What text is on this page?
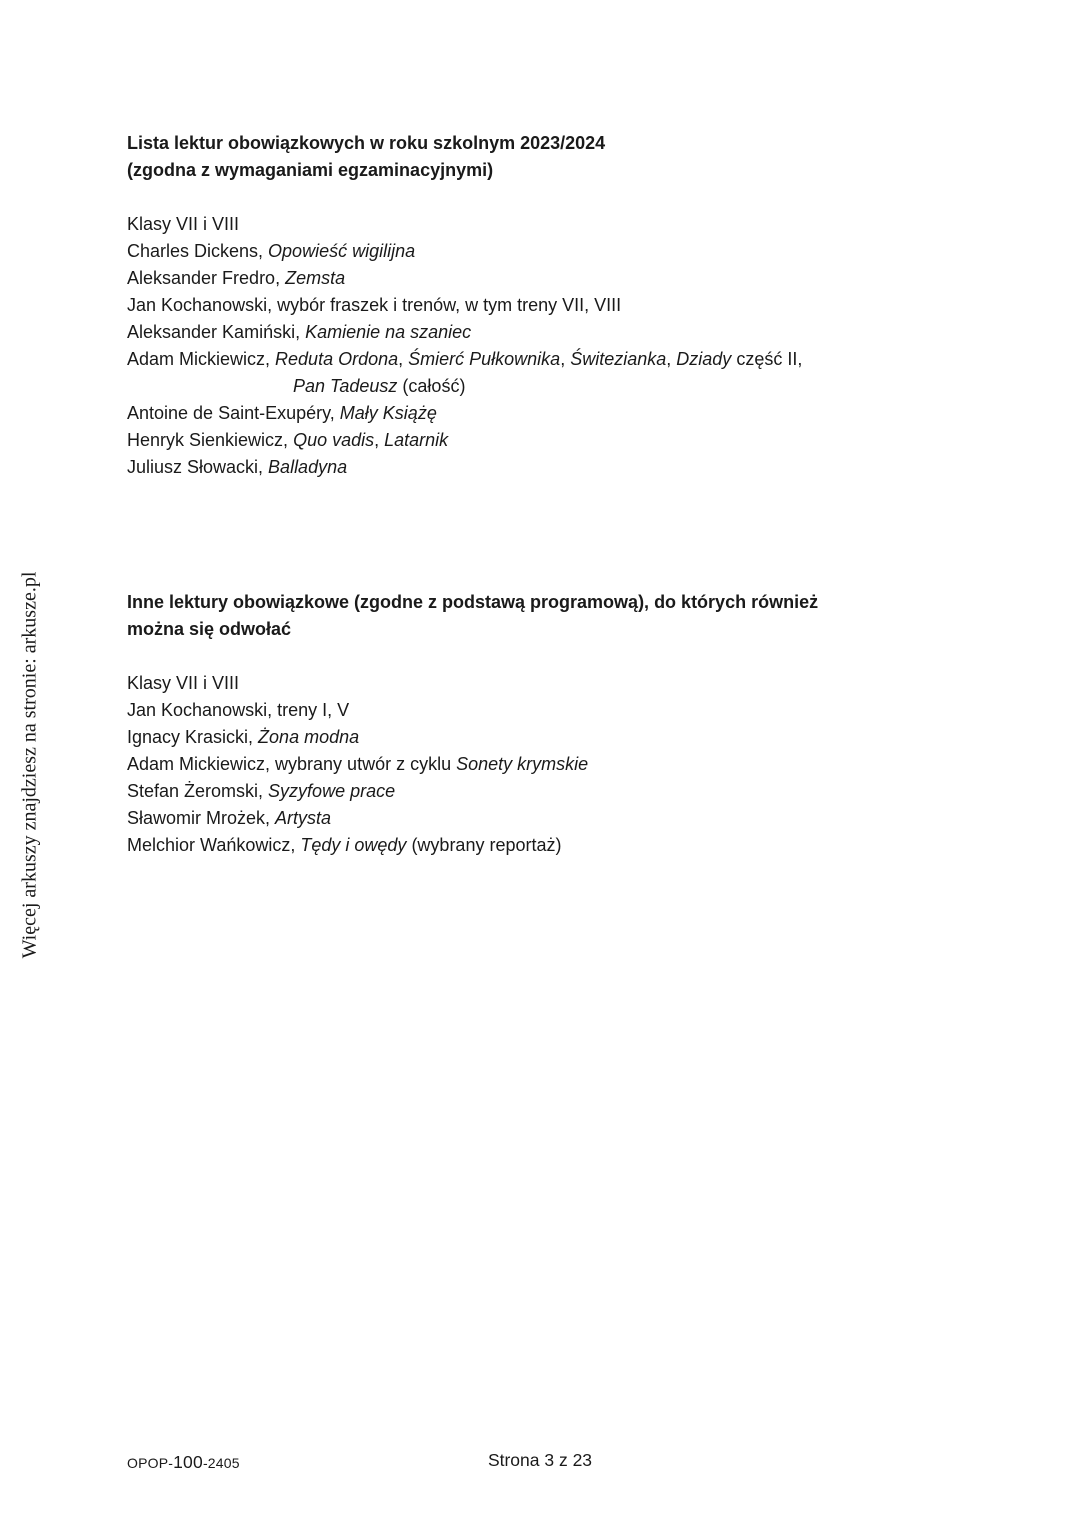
Więcej arkuszy znajdziesz na stronie: arkusze.pl
Lista lektur obowiązkowych w roku szkolnym 2023/2024
(zgodna z wymaganiami egzaminacyjnymi)
Klasy VII i VIII
Charles Dickens, Opowieść wigilijna
Aleksander Fredro, Zemsta
Jan Kochanowski, wybór fraszek i trenów, w tym treny VII, VIII
Aleksander Kamiński, Kamienie na szaniec
Adam Mickiewicz, Reduta Ordona, Śmierć Pułkownika, Świtezianka, Dziady część II,
Pan Tadeusz (całość)
Antoine de Saint-Exupéry, Mały Książę
Henryk Sienkiewicz, Quo vadis, Latarnik
Juliusz Słowacki, Balladyna
Inne lektury obowiązkowe (zgodne z podstawą programową), do których również
można się odwołać
Klasy VII i VIII
Jan Kochanowski, treny I, V
Ignacy Krasicki, Żona modna
Adam Mickiewicz, wybrany utwór z cyklu Sonety krymskie
Stefan Żeromski, Syzyfowe prace
Sławomir Mrożek, Artysta
Melchior Wańkowicz, Tędy i owędy (wybrany reportaż)
OPOP-100-2405	Strona 3 z 23
